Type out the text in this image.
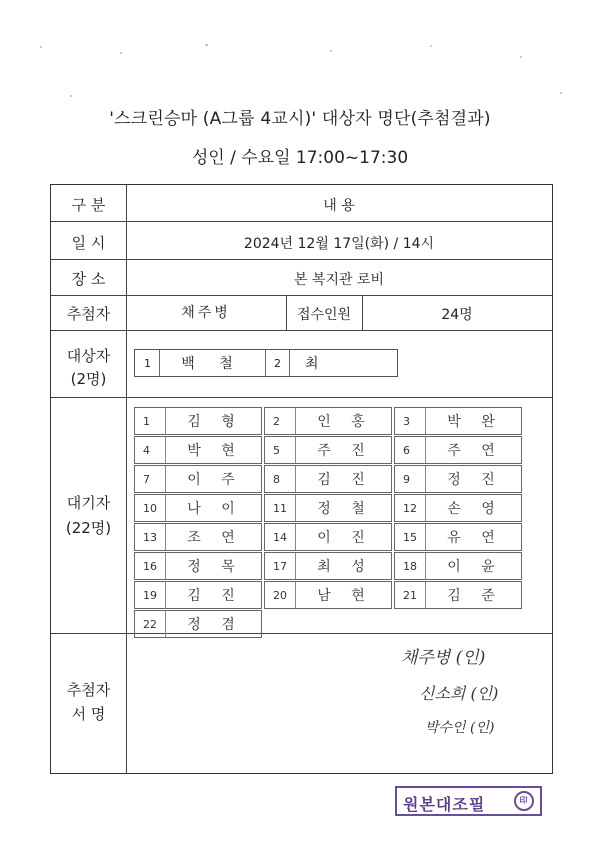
'스크린승마 (A그룹 4교시)' 대상자 명단(추첨결과)
성인 / 수요일 17:00~17:30
구 분	내 용
일 시	2024년 12월 17일(화) / 14시
장 소	본 복지관 로비
추첨자	채주병	접수인원	24명
대상자
(2명)
1	백 철	2 최
대기자
(22명)
1	김 형	2	인 홍	3	박 완
4	박 현	5	주 진	6	주 연
7	이 주	8	김 진	9	정 진
10	나 이	11	정 철	12	손 영
13	조 연	14	이 진	15	유 연
16	정 목	17	최 성	18	이 윤
19	김 진	20	남 현	21	김 준
22	정 겸
추첨자
서 명
채주병 (인)
신소희 (인)
박수인 (인)
원본대조필	印
